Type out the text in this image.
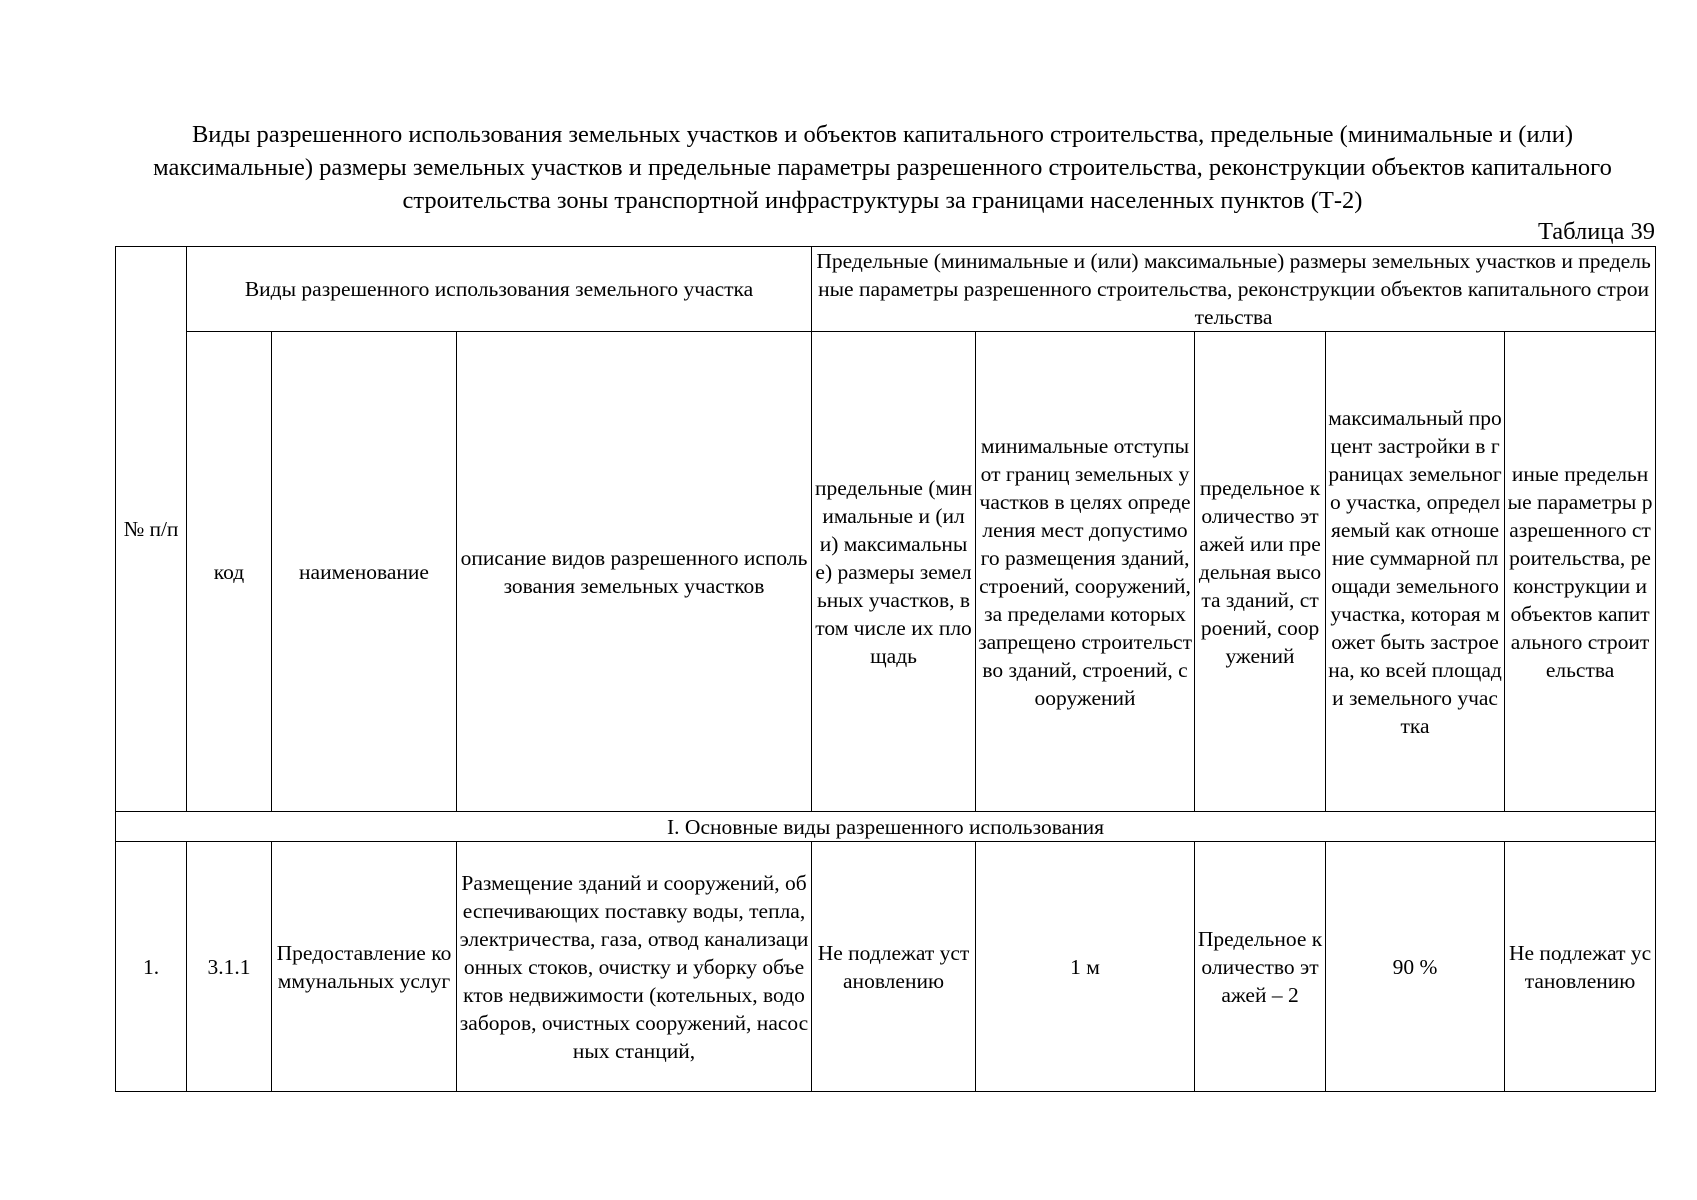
Виды разрешенного использования земельных участков и объектов капитального строительства, предельные (минимальные и (или) максимальные) размеры земельных участков и предельные параметры разрешенного строительства, реконструкции объектов капитального строительства зоны транспортной инфраструктуры за границами населенных пунктов (Т-2)
Таблица 39
№ п/п	Виды разрешенного использования земельного участка			Предельные (минимальные и (или) максимальные) размеры земельных участков и предельные параметры разрешенного строительства, реконструкции объектов капитального строительства				
	код	наименование	описание видов разрешенного использования земельных участков	предельные (минимальные и (или) максимальные) размеры земельных участков, в том числе их площадь	минимальные отступы от границ земельных участков в целях определения мест допустимого размещения зданий, строений, сооружений, за пределами которых запрещено строительство зданий, строений, сооружений	предельное количество этажей или предельная высота зданий, строений, сооружений	максимальный процент застройки в границах земельного участка, определяемый как отношение суммарной площади земельного участка, которая может быть застроена, ко всей площади земельного участка	иные предельные параметры разрешенного строительства, реконструкции и объектов капитального строительства
I. Основные виды разрешенного использования								
1.	3.1.1	Предоставление коммунальных услуг	Размещение зданий и сооружений, обеспечивающих поставку воды, тепла, электричества, газа, отвод канализационных стоков, очистку и уборку объектов недвижимости (котельных, водозаборов, очистных сооружений, насосных станций,	Не подлежат установлению	1 м	Предельное количество этажей – 2	90 %	Не подлежат установлению
